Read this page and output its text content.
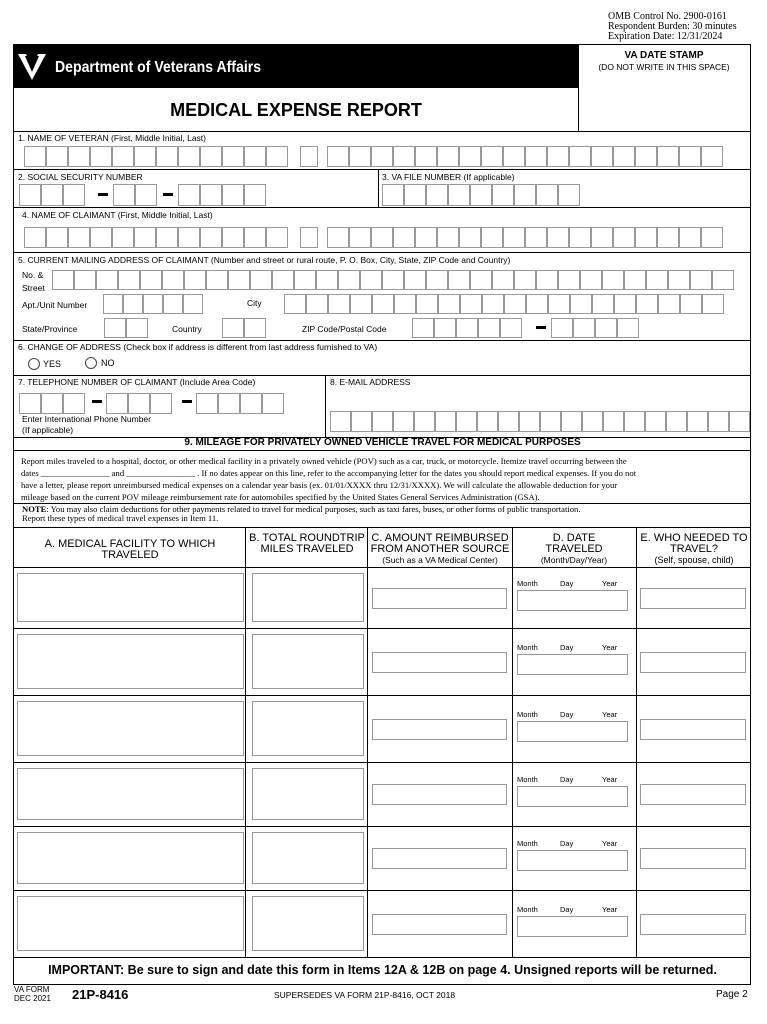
OMB Control No. 2900-0161
Respondent Burden: 30 minutes
Expiration Date: 12/31/2024
Department of Veterans Affairs
VA DATE STAMP
(DO NOT WRITE IN THIS SPACE)
MEDICAL EXPENSE REPORT
1. NAME OF VETERAN (First, Middle Initial, Last)
2. SOCIAL SECURITY NUMBER	3. VA FILE NUMBER (If applicable)
4. NAME OF CLAIMANT (First, Middle Initial, Last)
5. CURRENT MAILING ADDRESS OF CLAIMANT (Number and street or rural route, P. O. Box, City, State, ZIP Code and Country)
No. &
Street
Apt./Unit Number	City
State/Province	Country	ZIP Code/Postal Code
6. CHANGE OF ADDRESS (Check box if address is different from last address furnished to VA)
YES	NO
7. TELEPHONE NUMBER OF CLAIMANT (Include Area Code)	8. E-MAIL ADDRESS
Enter International Phone Number
(If applicable)
9. MILEAGE FOR PRIVATELY OWNED VEHICLE TRAVEL FOR MEDICAL PURPOSES
Report miles traveled to a hospital, doctor, or other medical facility in a privately owned vehicle (POV) such as a car, truck, or motorcycle. Itemize travel occurring between the
dates ________________ and ________________ . If no dates appear on this line, refer to the accompanying letter for the dates you should report medical expenses. If you do not
have a letter, please report unreimbursed medical expenses on a calendar year basis (ex. 01/01/XXXX thru 12/31/XXXX). We will calculate the allowable deduction for your
mileage based on the current POV mileage reimbursement rate for automobiles specified by the United States General Services Administration (GSA).
NOTE: You may also claim deductions for other payments related to travel for medical purposes, such as taxi fares, buses, or other forms of public transportation.
Report these types of medical travel expenses in Item 11.
A. MEDICAL FACILITY TO WHICH TRAVELED
B. TOTAL ROUNDTRIP MILES TRAVELED
C. AMOUNT REIMBURSED FROM ANOTHER SOURCE
(Such as a VA Medical Center)
D. DATE TRAVELED
(Month/Day/Year)
E. WHO NEEDED TO TRAVEL?
(Self, spouse, child)
Month	Day	Year
Month	Day	Year
Month	Day	Year
Month	Day	Year
Month	Day	Year
Month	Day	Year
IMPORTANT: Be sure to sign and date this form in Items 12A & 12B on page 4. Unsigned reports will be returned.
VA FORM
DEC 2021 21P-8416	SUPERSEDES VA FORM 21P-8416, OCT 2018	Page 2
